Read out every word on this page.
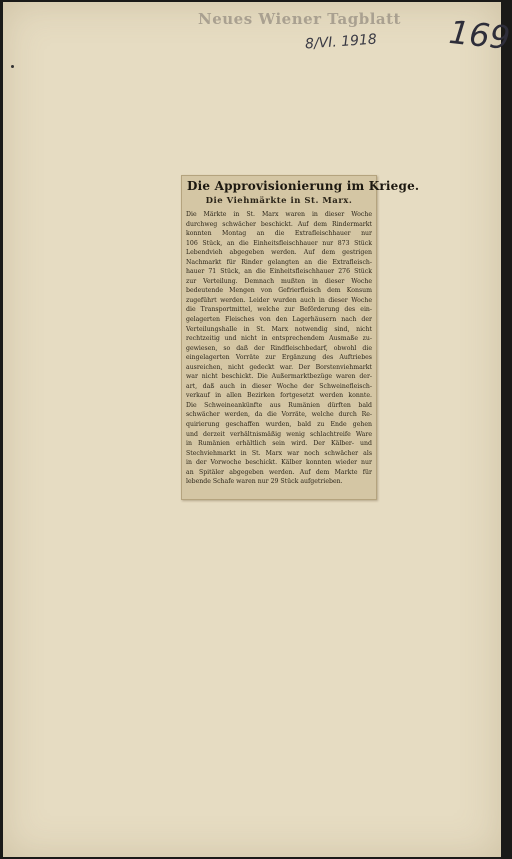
Neues Wiener Tagblatt
8/VI. 1918 169
Die Approvisionierung im Kriege.
Die Viehmärkte in St. Marx.
Die Märkte in St. Marx waren in dieser Woche
durchweg schwächer beschickt. Auf dem Rindermarkt
konnten Montag an die Extrafleischhauer nur
106 Stück, an die Einheitsfleischhauer nur 873 Stück
Lebendvieh abgegeben werden. Auf dem gestrigen
Nachmarkt für Rinder gelangten an die Extrafleisch-
hauer 71 Stück, an die Einheitsfleischhauer 276 Stück
zur Verteilung. Demnach mußten in dieser Woche
bedeutende Mengen von Gefrierfleisch dem Konsum
zugeführt werden. Leider wurden auch in dieser Woche
die Transportmittel, welche zur Beförderung des ein-
gelagerten Fleisches von den Lagerhäusern nach der
Verteilungshalle in St. Marx notwendig sind, nicht
rechtzeitig und nicht in entsprechendem Ausmaße zu-
gewiesen, so daß der Rindfleischbedarf, obwohl die
eingelagerten Vorräte zur Ergänzung des Auftriebes
ausreichen, nicht gedeckt war. Der Borstenviehmarkt
war nicht beschickt. Die Außermarktbezüge waren der-
art, daß auch in dieser Woche der Schweinefleisch-
verkauf in allen Bezirken fortgesetzt werden konnte.
Die Schweineankünfte aus Rumänien dürften bald
schwächer werden, da die Vorräte, welche durch Re-
quirierung geschaffen wurden, bald zu Ende gehen
und derzeit verhältnismäßig wenig schlachtreife Ware
in Rumänien erhältlich sein wird. Der Kälber- und
Stechviehmarkt in St. Marx war noch schwächer als
in der Vorwoche beschickt. Kälber konnten wieder nur
an Spitäler abgegeben werden. Auf dem Markte für
lebende Schafe waren nur 29 Stück aufgetrieben.
